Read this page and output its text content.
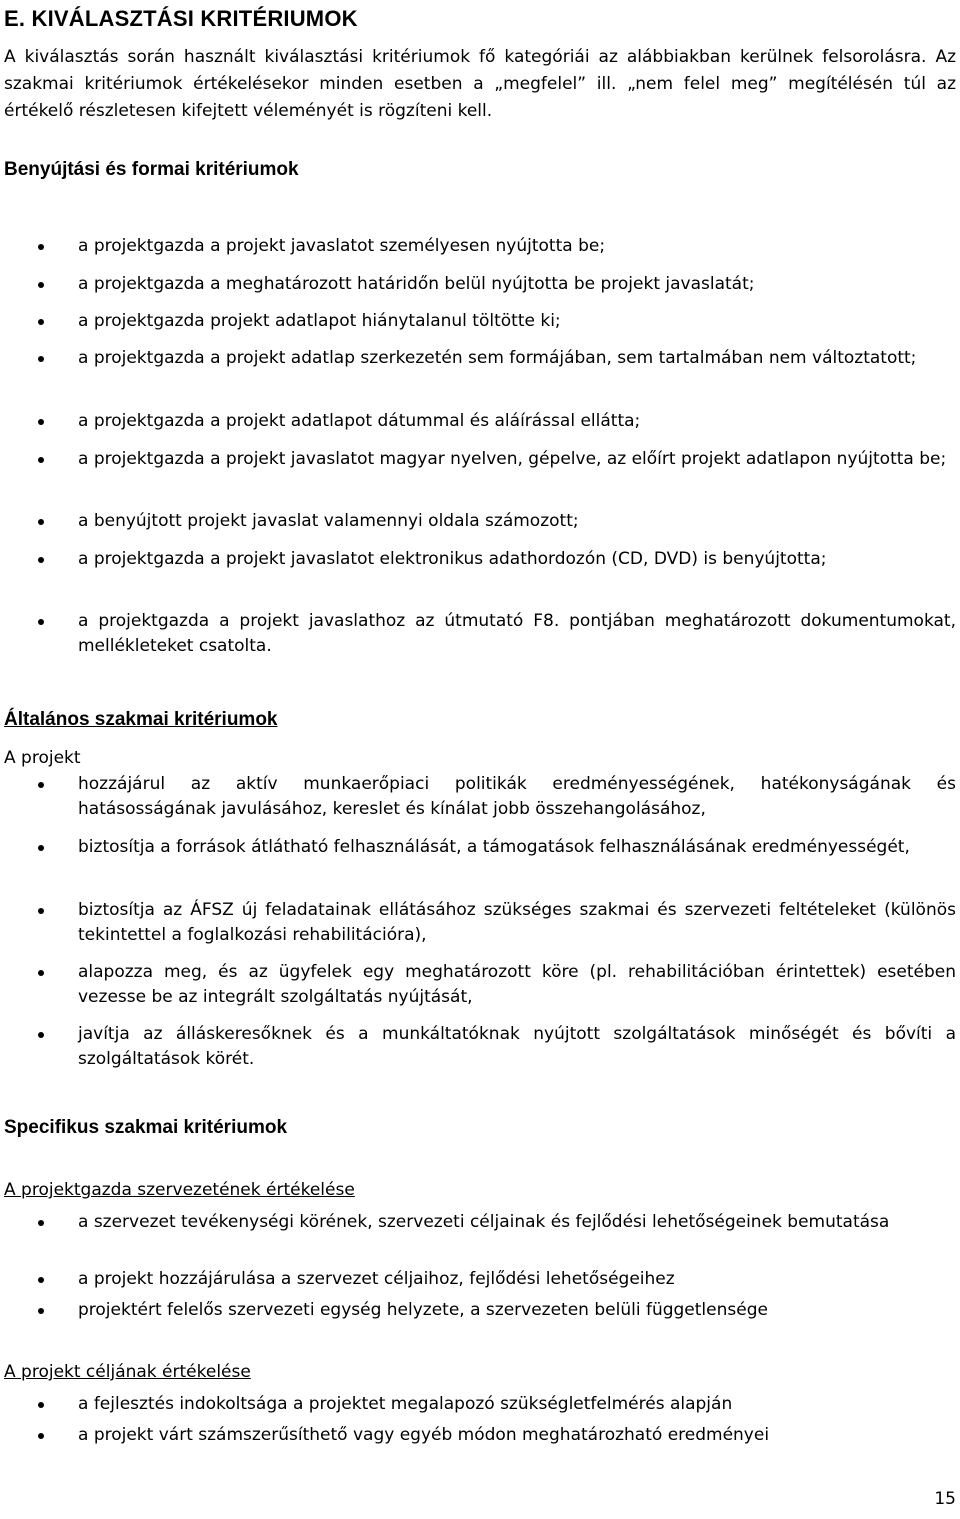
E. KIVÁLASZTÁSI KRITÉRIUMOK

A kiválasztás során használt kiválasztási kritériumok fő kategóriái az alábbiakban kerülnek felsorolásra. Az szakmai kritériumok értékelésekor minden esetben a „megfelel” ill. „nem felel meg” megítélésén túl az értékelő részletesen kifejtett véleményét is rögzíteni kell.

Benyújtási és formai kritériumok
a projektgazda a projekt javaslatot személyesen nyújtotta be;
a projektgazda a meghatározott határidőn belül nyújtotta be projekt javaslatát;
a projektgazda projekt adatlapot hiánytalanul töltötte ki;
a projektgazda a projekt adatlap szerkezetén sem formájában, sem tartalmában nem változtatott;
a projektgazda a projekt adatlapot dátummal és aláírással ellátta;
a projektgazda a projekt javaslatot magyar nyelven, gépelve, az előírt projekt adatlapon nyújtotta be;
a benyújtott projekt javaslat valamennyi oldala számozott;
a projektgazda a projekt javaslatot elektronikus adathordozón (CD, DVD) is benyújtotta;
a projektgazda a projekt javaslathoz az útmutató F8. pontjában meghatározott dokumentumokat, mellékleteket csatolta.
Általános szakmai kritériumok

A projekt

hozzájárul az aktív munkaerőpiaci politikák eredményességének, hatékonyságának és hatásosságának javulásához, kereslet és kínálat jobb összehangolásához,
biztosítja a források átlátható felhasználását, a támogatások felhasználásának eredményességét,
biztosítja az ÁFSZ új feladatainak ellátásához szükséges szakmai és szervezeti feltételeket (különös tekintettel a foglalkozási rehabilitációra),
alapozza meg, és az ügyfelek egy meghatározott köre (pl. rehabilitációban érintettek) esetében vezesse be az integrált szolgáltatás nyújtását,
javítja az álláskeresőknek és a munkáltatóknak nyújtott szolgáltatások minőségét és bővíti a szolgáltatások körét.
Specifikus szakmai kritériumok

A projektgazda szervezetének értékelése

a szervezet tevékenységi körének, szervezeti céljainak és fejlődési lehetőségeinek bemutatása
a projekt hozzájárulása a szervezet céljaihoz, fejlődési lehetőségeihez
projektért felelős szervezeti egység helyzete, a szervezeten belüli függetlensége

A projekt céljának értékelése

a fejlesztés indokoltsága a projektet megalapozó szükségletfelmérés alapján
a projekt várt számszerűsíthető vagy egyéb módon meghatározható eredményei

15
